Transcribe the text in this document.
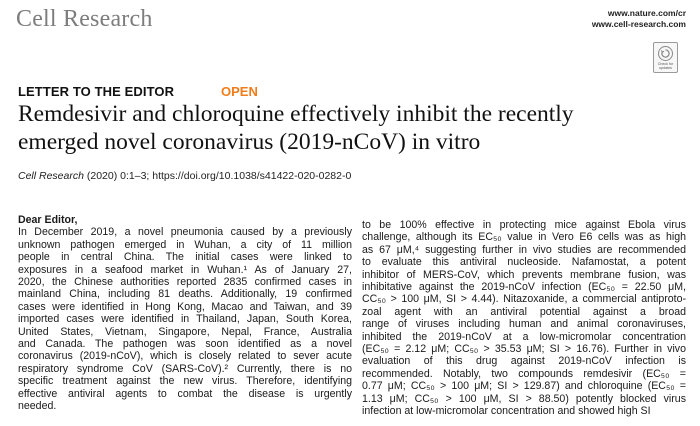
Cell Research	www.nature.com/cr
www.cell-research.com
Check for updates
LETTER TO THE EDITOR	OPEN
Remdesivir and chloroquine effectively inhibit the recently
emerged novel coronavirus (2019-nCoV) in vitro
Cell Research (2020) 0:1–3; https://doi.org/10.1038/s41422-020-0282-0
Dear Editor,
In December 2019, a novel pneumonia caused by a previously
unknown pathogen emerged in Wuhan, a city of 11 million
people in central China. The initial cases were linked to
exposures in a seafood market in Wuhan.¹ As of January 27,
2020, the Chinese authorities reported 2835 confirmed cases in
mainland China, including 81 deaths. Additionally, 19 confirmed
cases were identified in Hong Kong, Macao and Taiwan, and 39
imported cases were identified in Thailand, Japan, South Korea,
United States, Vietnam, Singapore, Nepal, France, Australia
and Canada. The pathogen was soon identified as a novel
coronavirus (2019-nCoV), which is closely related to sever acute
respiratory syndrome CoV (SARS-CoV).² Currently, there is no
specific treatment against the new virus. Therefore, identifying
effective antiviral agents to combat the disease is urgently
needed.
to be 100% effective in protecting mice against Ebola virus
challenge, although its EC₅₀ value in Vero E6 cells was as high
as 67 μM,⁴ suggesting further in vivo studies are recommended
to evaluate this antiviral nucleoside. Nafamostat, a potent
inhibitor of MERS-CoV, which prevents membrane fusion, was
inhibitative against the 2019-nCoV infection (EC₅₀ = 22.50 μM,
CC₅₀ > 100 μM, SI > 4.44). Nitazoxanide, a commercial antiproto-
zoal agent with an antiviral potential against a broad
range of viruses including human and animal coronaviruses,
inhibited the 2019-nCoV at a low-micromolar concentration
(EC₅₀ = 2.12 μM; CC₅₀ > 35.53 μM; SI > 16.76). Further in vivo
evaluation of this drug against 2019-nCoV infection is
recommended. Notably, two compounds remdesivir (EC₅₀ =
0.77 μM; CC₅₀ > 100 μM; SI > 129.87) and chloroquine (EC₅₀ =
1.13 μM; CC₅₀ > 100 μM, SI > 88.50) potently blocked virus
infection at low-micromolar concentration and showed high SI
